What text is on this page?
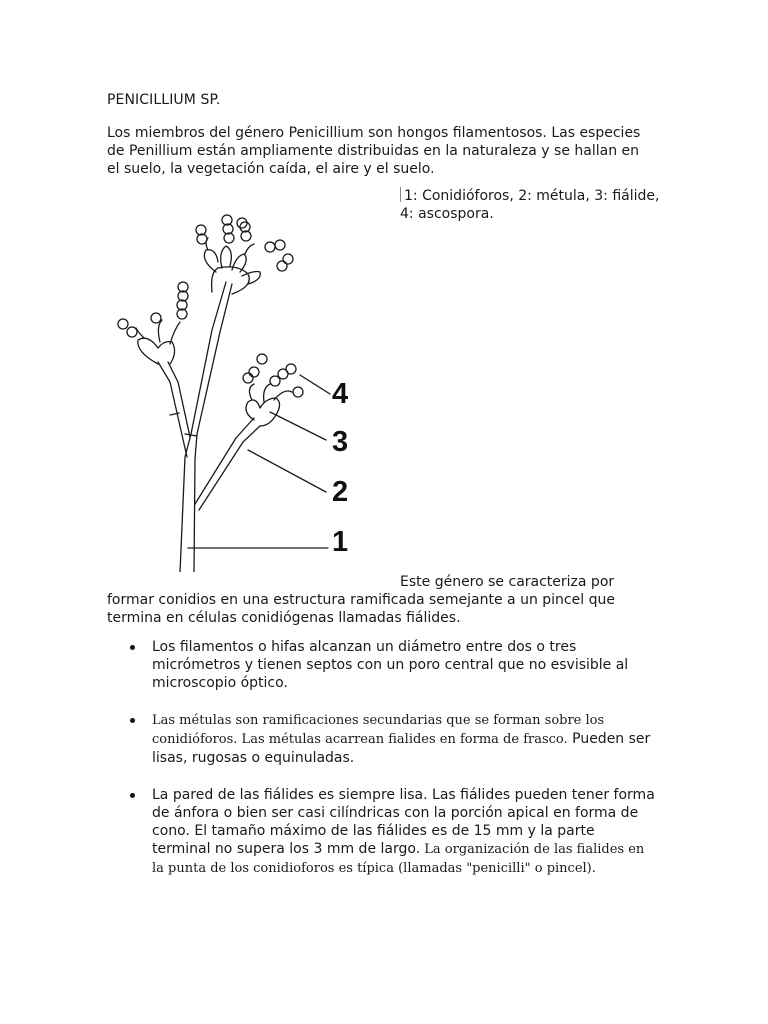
PENICILLIUM SP.
Los miembros del género Penicillium son hongos filamentosos. Las especies de Penillium están ampliamente distribuidas en la naturaleza y se hallan en el suelo, la vegetación caída, el aire y el suelo.
1: Conidióforos, 2: métula, 3: fiálide, 4: ascospora.
4
3
2
1
Este género se caracteriza por formar conidios en una estructura ramificada semejante a un pincel que termina en células conidiógenas llamadas fiálides.
Los filamentos o hifas alcanzan un diámetro entre dos o tres micrómetros y tienen septos con un poro central que no esvisible al microscopio óptico.
Las métulas son ramificaciones secundarias que se forman sobre los conidióforos. Las métulas acarrean fialides en forma de frasco. Pueden ser lisas, rugosas o equinuladas.
La pared de las fiálides es siempre lisa. Las fiálides pueden tener forma de ánfora o bien ser casi cilíndricas con la porción apical en forma de cono. El tamaño máximo de las fiálides es de 15 mm y la parte terminal no supera los 3 mm de largo. La organización de las fialides en la punta de los conidioforos es típica (llamadas "penicilli" o pincel).
